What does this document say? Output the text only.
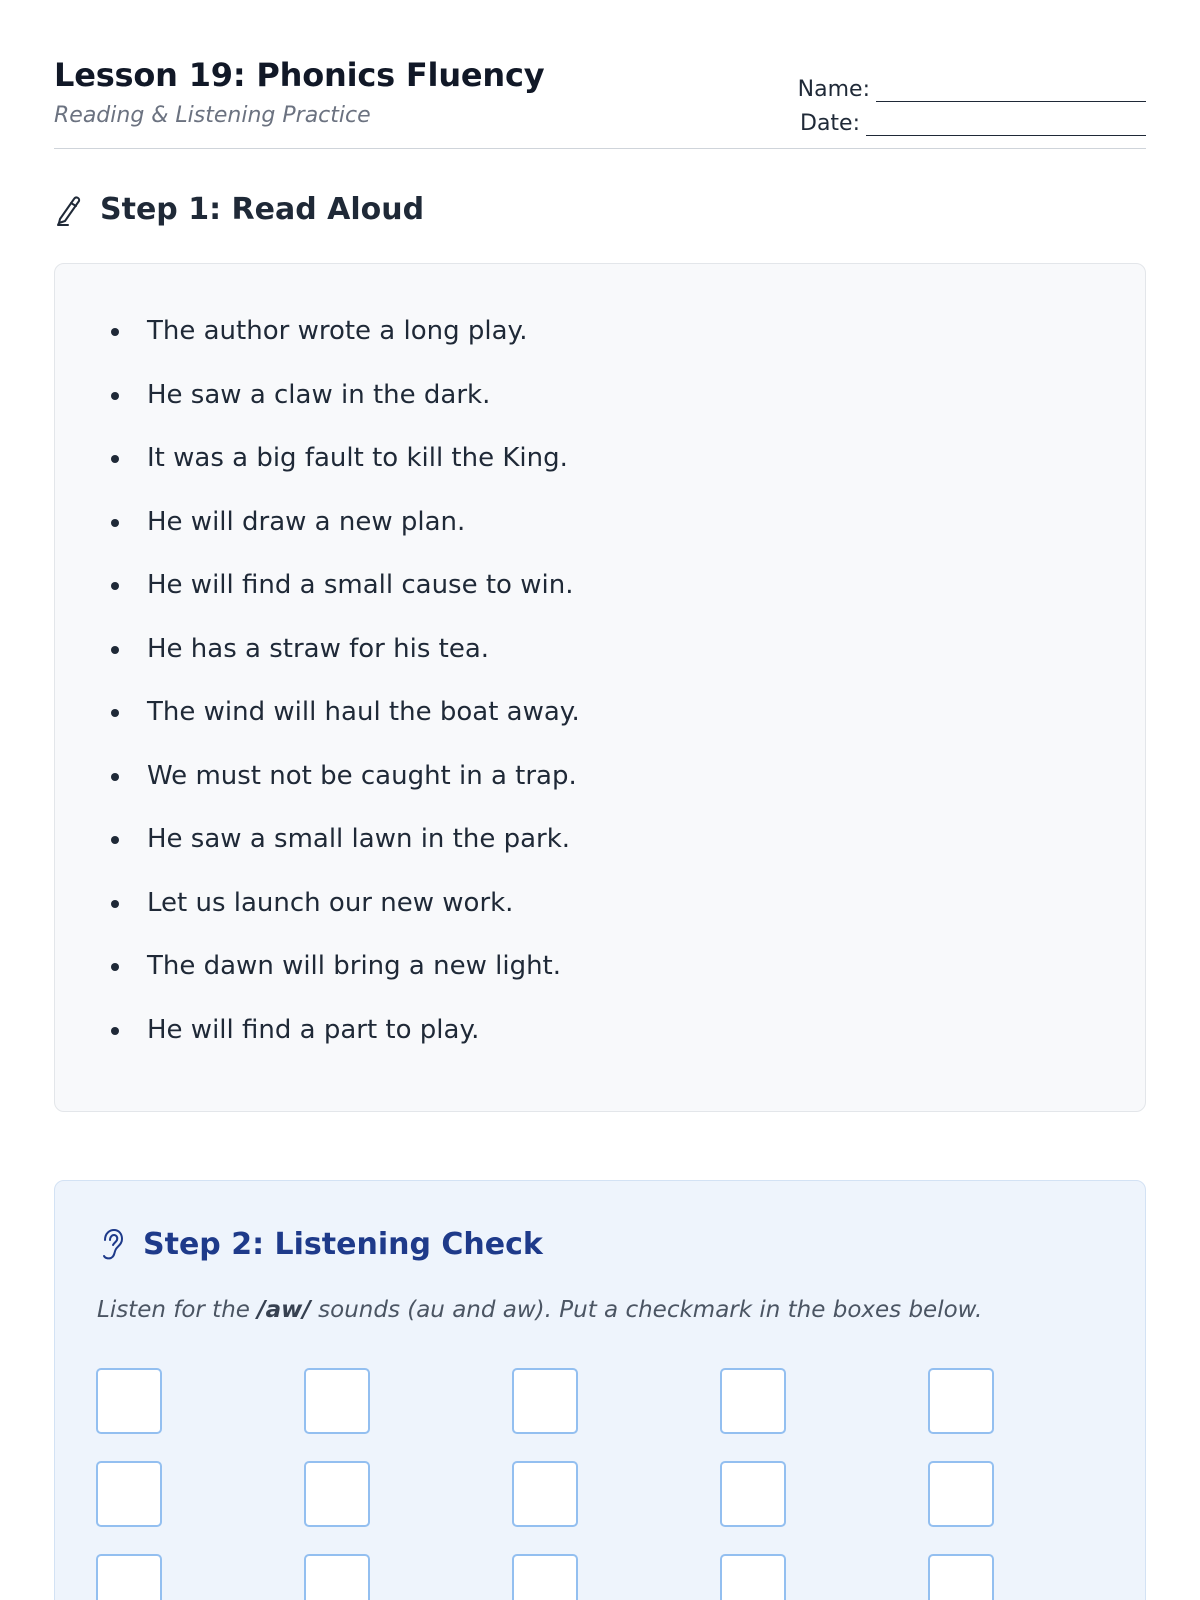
Lesson 19: Phonics Fluency
Reading & Listening Practice
Name:
Date:
Step 1: Read Aloud
The author wrote a long play.
He saw a claw in the dark.
It was a big fault to kill the King.
He will draw a new plan.
He will find a small cause to win.
He has a straw for his tea.
The wind will haul the boat away.
We must not be caught in a trap.
He saw a small lawn in the park.
Let us launch our new work.
The dawn will bring a new light.
He will find a part to play.
Step 2: Listening Check

Listen for the /aw/ sounds (au and aw). Put a checkmark in the boxes below.
